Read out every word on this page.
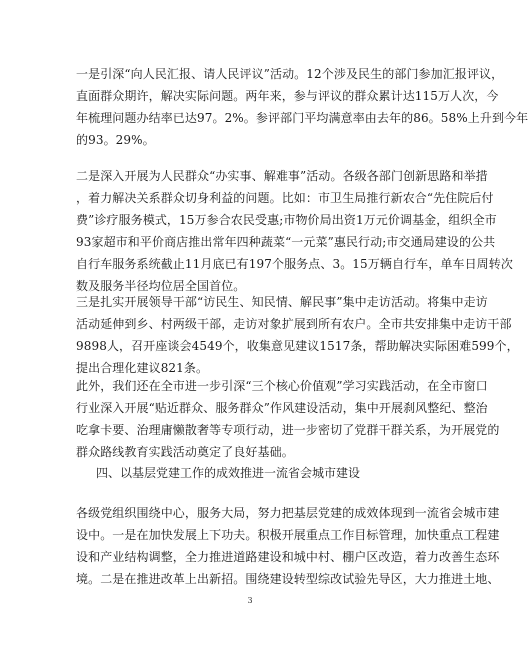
一是引深“向人民汇报、请人民评议”活动。12个涉及民生的部门参加汇报评议，
直面群众期许，解决实际问题。两年来，参与评议的群众累计达115万人次，今
年梳理问题办结率已达97。2%。参评部门平均满意率由去年的86。58%上升到今年
的93。29%。

二是深入开展为人民群众“办实事、解难事”活动。各级各部门创新思路和举措
，着力解决关系群众切身利益的问题。比如：市卫生局推行新农合“先住院后付
费”诊疗服务模式，15万参合农民受惠;市物价局出资1万元价调基金，组织全市
93家超市和平价商店推出常年四种蔬菜“一元菜”惠民行动;市交通局建设的公共
自行车服务系统截止11月底已有197个服务点、3。15万辆自行车，单车日周转次
数及服务半径均位居全国首位。

三是扎实开展领导干部“访民生、知民情、解民事”集中走访活动。将集中走访
活动延伸到乡、村两级干部，走访对象扩展到所有农户。全市共安排集中走访干部
9898人，召开座谈会4549个，收集意见建议1517条，帮助解决实际困难599个，
提出合理化建议821条。

此外，我们还在全市进一步引深“三个核心价值观”学习实践活动，在全市窗口
行业深入开展“贴近群众、服务群众”作风建设活动，集中开展刹风整纪、整治
吃拿卡要、治理庸懒散奢等专项行动，进一步密切了党群干群关系，为开展党的
群众路线教育实践活动奠定了良好基础。

四、以基层党建工作的成效推进一流省会城市建设

各级党组织围绕中心，服务大局，努力把基层党建的成效体现到一流省会城市建
设中。一是在加快发展上下功夫。积极开展重点工作目标管理，加快重点工程建
设和产业结构调整，全力推进道路建设和城中村、棚户区改造，着力改善生态环
境。二是在推进改革上出新招。围绕建设转型综改试验先导区，大力推进土地、

3
